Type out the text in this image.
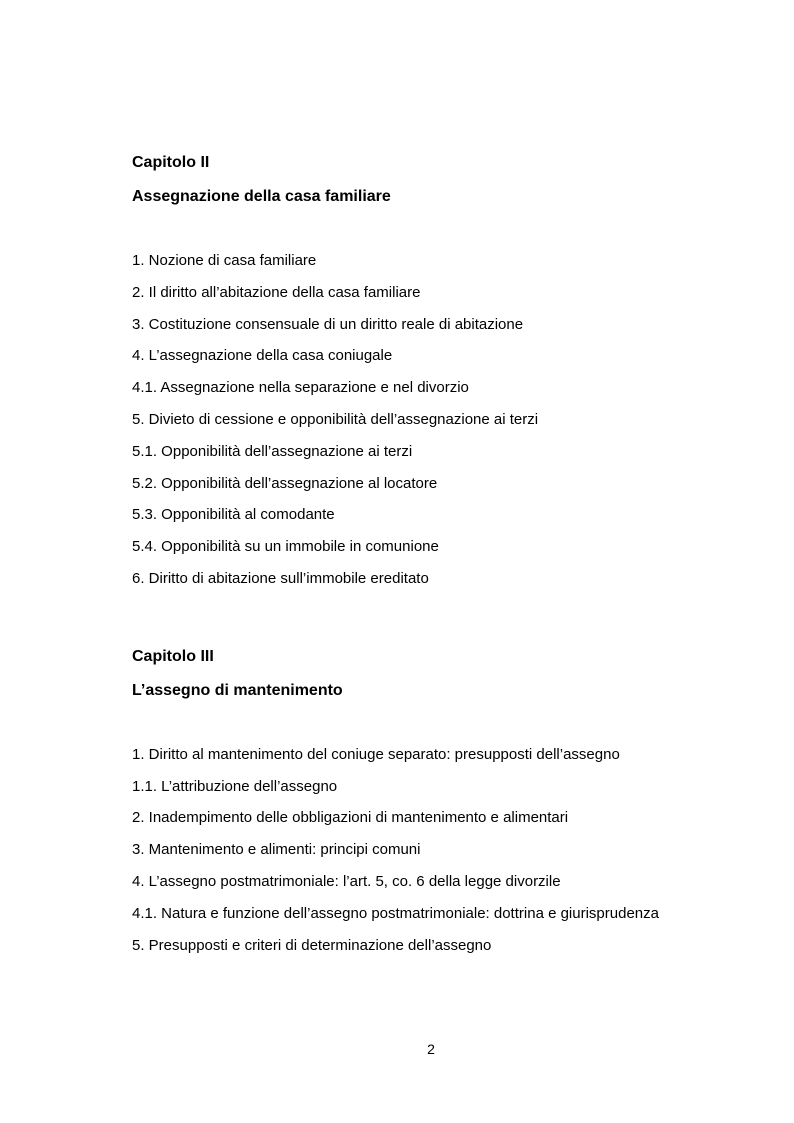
Capitolo II
Assegnazione della casa familiare
1. Nozione di casa familiare
2. Il diritto all’abitazione della casa familiare
3. Costituzione consensuale di un diritto reale di abitazione
4. L’assegnazione della casa coniugale
4.1. Assegnazione nella separazione e nel divorzio
5. Divieto di cessione e opponibilità dell’assegnazione ai terzi
5.1. Opponibilità dell’assegnazione ai terzi
5.2. Opponibilità dell’assegnazione al locatore
5.3. Opponibilità al comodante
5.4. Opponibilità su un immobile in comunione
6. Diritto di abitazione sull’immobile ereditato
Capitolo III
L’assegno di mantenimento
1. Diritto al mantenimento del coniuge separato: presupposti dell’assegno
1.1. L’attribuzione dell’assegno
2. Inadempimento delle obbligazioni di mantenimento e alimentari
3. Mantenimento e alimenti: principi comuni
4. L’assegno postmatrimoniale: l’art. 5, co. 6 della legge divorzile
4.1. Natura e funzione dell’assegno postmatrimoniale: dottrina e giurisprudenza
5. Presupposti e criteri di determinazione dell’assegno
2
